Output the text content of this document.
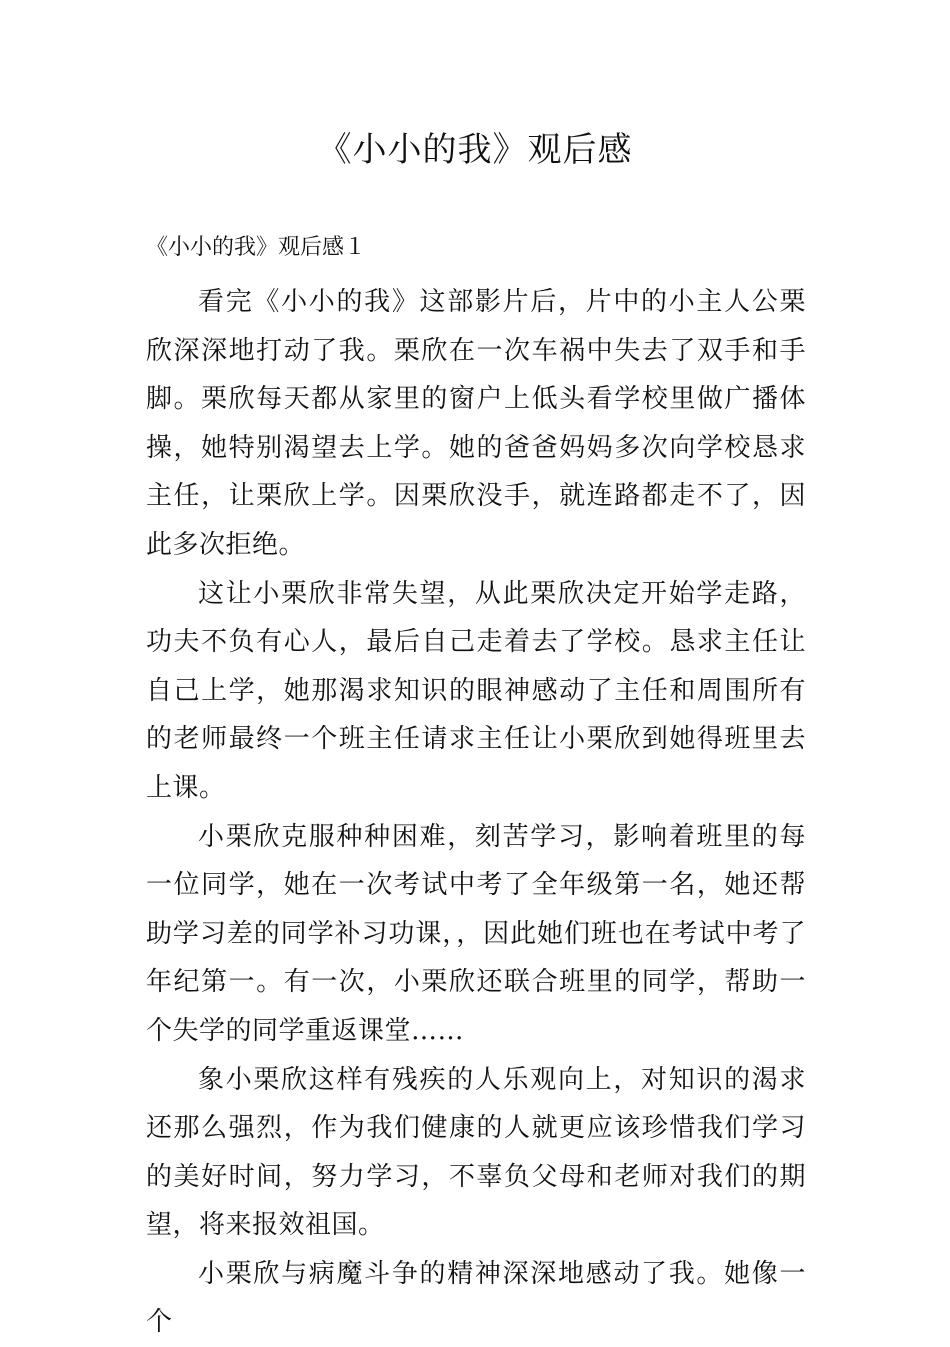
《小小的我》观后感

《小小的我》观后感１

看完《小小的我》这部影片后，片中的小主人公栗欣深深地打动了我。栗欣在一次车祸中失去了双手和手脚。栗欣每天都从家里的窗户上低头看学校里做广播体操，她特别渴望去上学。她的爸爸妈妈多次向学校恳求主任，让栗欣上学。因栗欣没手，就连路都走不了，因此多次拒绝。

这让小栗欣非常失望，从此栗欣决定开始学走路，功夫不负有心人，最后自己走着去了学校。恳求主任让自己上学，她那渴求知识的眼神感动了主任和周围所有的老师最终一个班主任请求主任让小栗欣到她得班里去上课。

小栗欣克服种种困难，刻苦学习，影响着班里的每一位同学，她在一次考试中考了全年级第一名，她还帮助学习差的同学补习功课，，因此她们班也在考试中考了年纪第一。有一次，小栗欣还联合班里的同学，帮助一个失学的同学重返课堂……

象小栗欣这样有残疾的人乐观向上，对知识的渴求还那么强烈，作为我们健康的人就更应该珍惜我们学习的美好时间，努力学习，不辜负父母和老师对我们的期望，将来报效祖国。

小栗欣与病魔斗争的精神深深地感动了我。她像一个
